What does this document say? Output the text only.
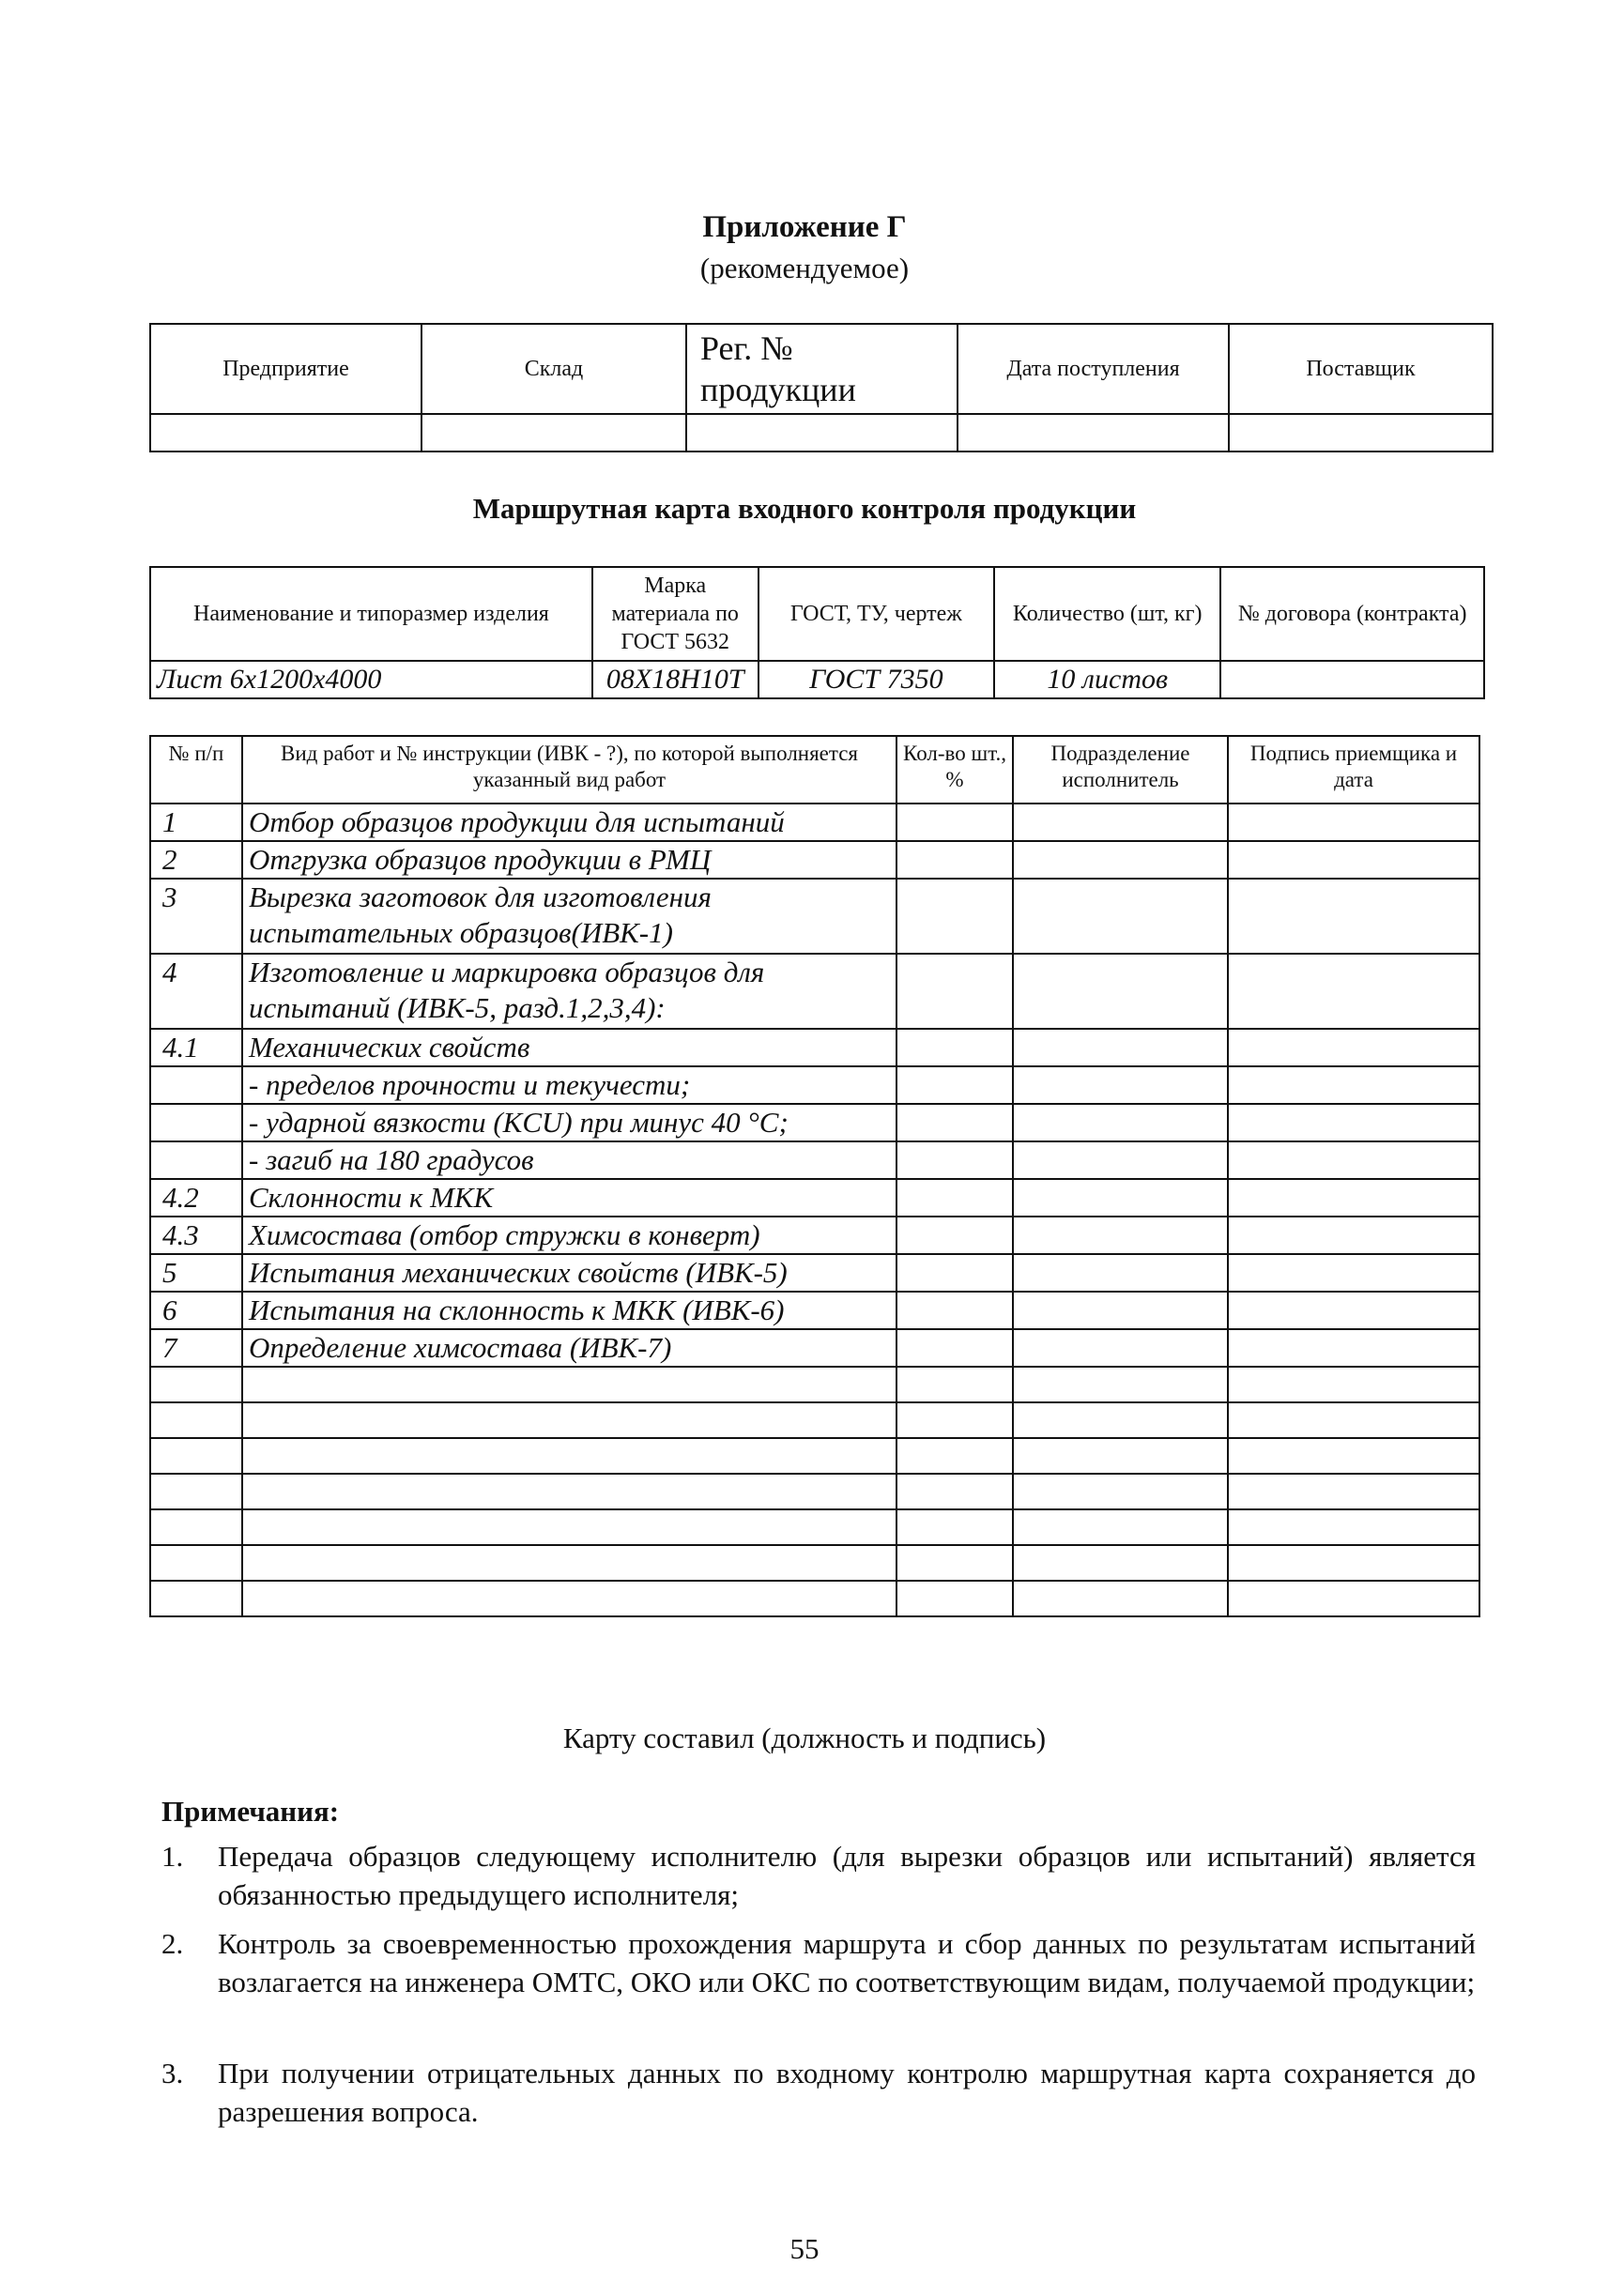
Приложение Г
(рекомендуемое)
Предприятие	Склад	Рег. № продукции	Дата поступления	Поставщик

Маршрутная карта входного контроля продукции
Наименование и типоразмер изделия	Марка материала по ГОСТ 5632	ГОСТ, ТУ, чертеж	Количество (шт, кг)	№ договора (контракта)
Лист 6х1200х4000	08Х18Н10Т	ГОСТ 7350	10 листов	
№ п/п	Вид работ и № инструкции (ИВК - ?), по которой выполняется указанный вид работ	Кол-во шт., %	Подразделение исполнитель	Подпись приемщика и дата
1	Отбор образцов продукции для испытаний			
2	Отгрузка образцов продукции в РМЦ			
3	Вырезка заготовок для изготовления испытательных образцов(ИВК-1)			
4	Изготовление и маркировка образцов для испытаний (ИВК-5, разд.1,2,3,4):			
4.1	Механических свойств			
	- пределов прочности и текучести;			
	- ударной вязкости (KCU) при минус 40 °С;			
	- загиб на 180 градусов			
4.2	Склонности к МКК			
4.3	Химсостава (отбор стружки в конверт)			
5	Испытания механических свойств (ИВК-5)			
6	Испытания на склонность к МКК (ИВК-6)			
7	Определение химсостава (ИВК-7)			

Карту составил (должность и подпись)
Примечания:
1. Передача образцов следующему исполнителю (для вырезки образцов или испытаний) является обязанностью предыдущего исполнителя;
2. Контроль за своевременностью прохождения маршрута и сбор данных по результатам испытаний возлагается на инженера ОМТС, ОКО или ОКС по соответствующим видам, получаемой продукции;
3. При получении отрицательных данных по входному контролю маршрутная карта сохраняется до разрешения вопроса.
55
